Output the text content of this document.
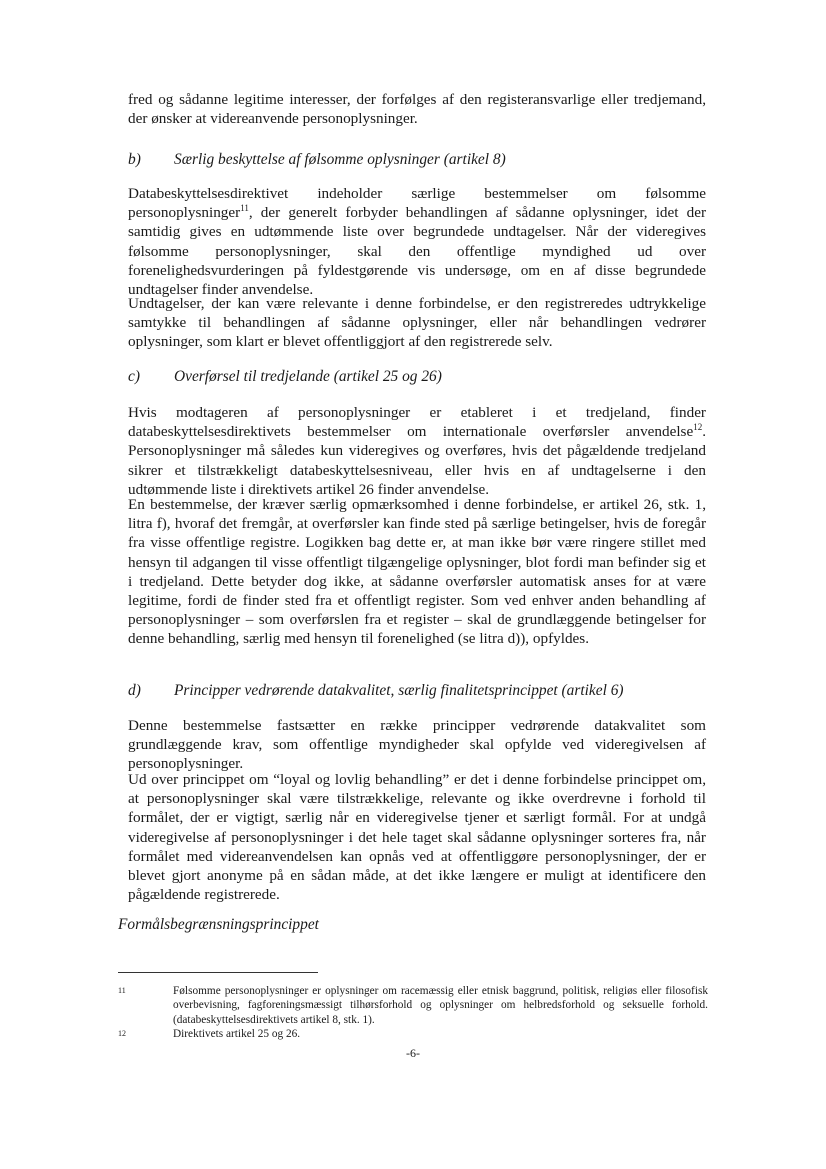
fred og sådanne legitime interesser, der forfølges af den registeransvarlige eller tredjemand, der ønsker at videreanvende personoplysninger.

b) Særlig beskyttelse af følsomme oplysninger (artikel 8)

Databeskyttelsesdirektivet indeholder særlige bestemmelser om følsomme personoplysninger$^{11}$, der generelt forbyder behandlingen af sådanne oplysninger, idet der samtidig gives en udtømmende liste over begrundede undtagelser. Når der videregives følsomme personoplysninger, skal den offentlige myndighed ud over forenelighedsvurderingen på fyldestgørende vis undersøge, om en af disse begrundede undtagelser finder anvendelse.

Undtagelser, der kan være relevante i denne forbindelse, er den registreredes udtrykkelige samtykke til behandlingen af sådanne oplysninger, eller når behandlingen vedrører oplysninger, som klart er blevet offentliggjort af den registrerede selv.

c) Overførsel til tredjelande (artikel 25 og 26)

Hvis modtageren af personoplysninger er etableret i et tredjeland, finder databeskyttelsesdirektivets bestemmelser om internationale overførsler anvendelse$^{12}$. Personoplysninger må således kun videregives og overføres, hvis det pågældende tredjeland sikrer et tilstrækkeligt databeskyttelsesniveau, eller hvis en af undtagelserne i den udtømmende liste i direktivets artikel 26 finder anvendelse.

En bestemmelse, der kræver særlig opmærksomhed i denne forbindelse, er artikel 26, stk. 1, litra f), hvoraf det fremgår, at overførsler kan finde sted på særlige betingelser, hvis de foregår fra visse offentlige registre. Logikken bag dette er, at man ikke bør være ringere stillet med hensyn til adgangen til visse offentligt tilgængelige oplysninger, blot fordi man befinder sig et i tredjeland. Dette betyder dog ikke, at sådanne overførsler automatisk anses for at være legitime, fordi de finder sted fra et offentligt register. Som ved enhver anden behandling af personoplysninger – som overførslen fra et register – skal de grundlæggende betingelser for denne behandling, særlig med hensyn til forenelighed (se litra d)), opfyldes.

d) Principper vedrørende datakvalitet, særlig finalitetsprincippet (artikel 6)

Denne bestemmelse fastsætter en række principper vedrørende datakvalitet som grundlæggende krav, som offentlige myndigheder skal opfylde ved videregivelsen af personoplysninger.

Ud over princippet om “loyal og lovlig behandling” er det i denne forbindelse princippet om, at personoplysninger skal være tilstrækkelige, relevante og ikke overdrevne i forhold til formålet, der er vigtigt, særlig når en videregivelse tjener et særligt formål. For at undgå videregivelse af personoplysninger i det hele taget skal sådanne oplysninger sorteres fra, når formålet med videreanvendelsen kan opnås ved at offentliggøre personoplysninger, der er blevet gjort anonyme på en sådan måde, at det ikke længere er muligt at identificere den pågældende registrerede.

Formålsbegrænsningsprincippet
11	Følsomme personoplysninger er oplysninger om racemæssig eller etnisk baggrund, politisk, religiøs eller filosofisk overbevisning, fagforeningsmæssigt tilhørsforhold og oplysninger om helbredsforhold og seksuelle forhold. (databeskyttelsesdirektivets artikel 8, stk. 1).
12	Direktivets artikel 25 og 26.
-6-
